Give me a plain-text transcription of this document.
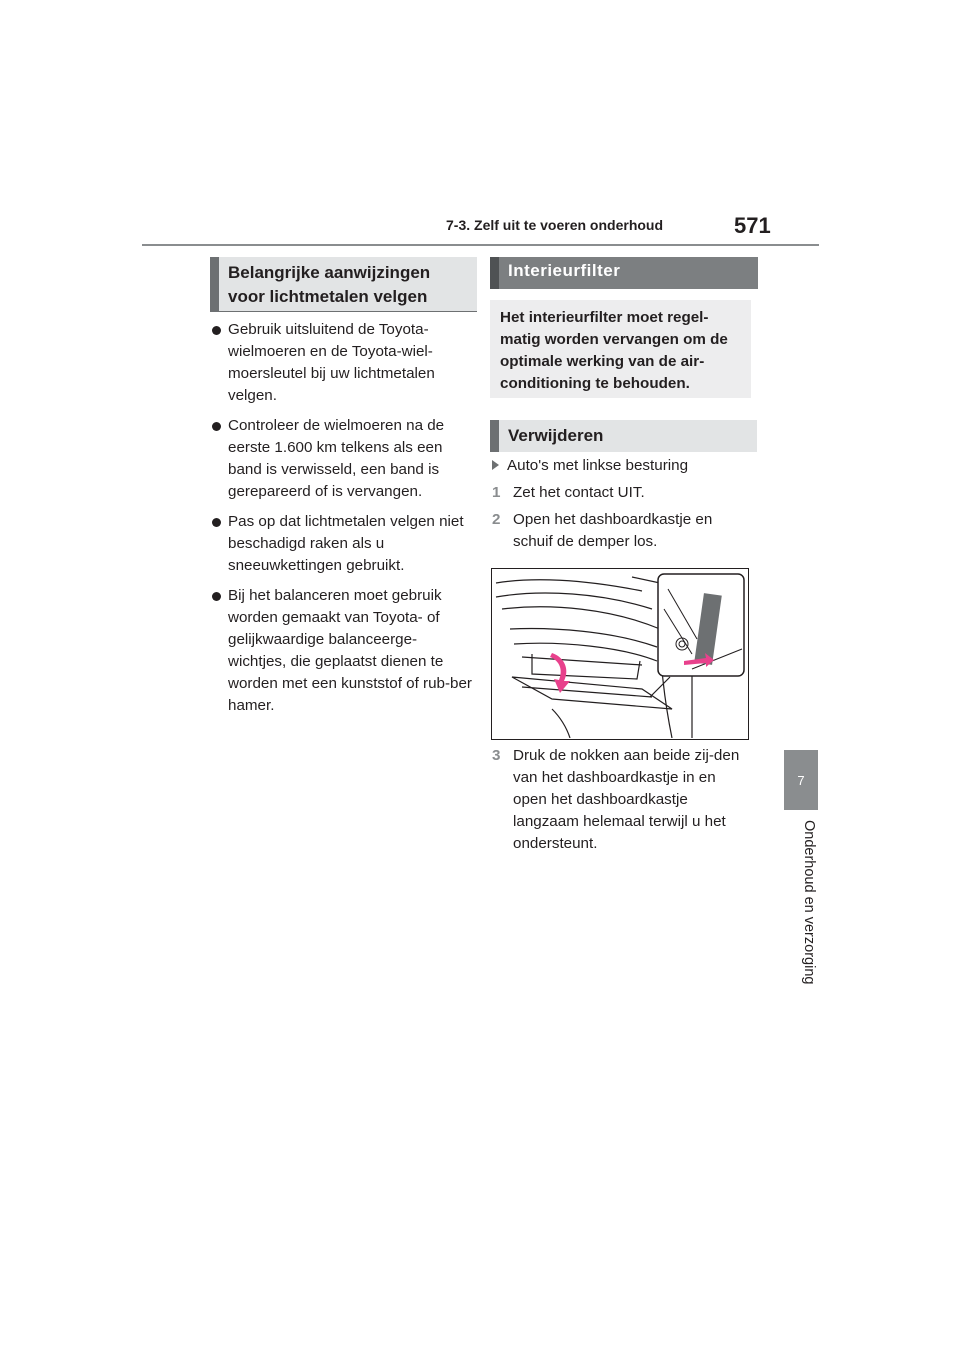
7-3. Zelf uit te voeren onderhoud	571
7
Onderhoud en verzorging
Belangrijke aanwijzingen voor lichtmetalen velgen
Gebruik uitsluitend de Toyota-wielmoeren en de Toyota-wiel-moersleutel bij uw lichtmetalen velgen.
Controleer de wielmoeren na de eerste 1.600 km telkens als een band is verwisseld, een band is gerepareerd of is vervangen.
Pas op dat lichtmetalen velgen niet beschadigd raken als u sneeuwkettingen gebruikt.
Bij het balanceren moet gebruik worden gemaakt van Toyota- of gelijkwaardige balanceerge-wichtjes, die geplaatst dienen te worden met een kunststof of rub-ber hamer.
Interieurfilter
Het interieurfilter moet regel-matig worden vervangen om de optimale werking van de air-conditioning te behouden.
Verwijderen
Auto's met linkse besturing
1 Zet het contact UIT.
2 Open het dashboardkastje en schuif de demper los.
3 Druk de nokken aan beide zij-den van het dashboardkastje in en open het dashboardkastje langzaam helemaal terwijl u het ondersteunt.
